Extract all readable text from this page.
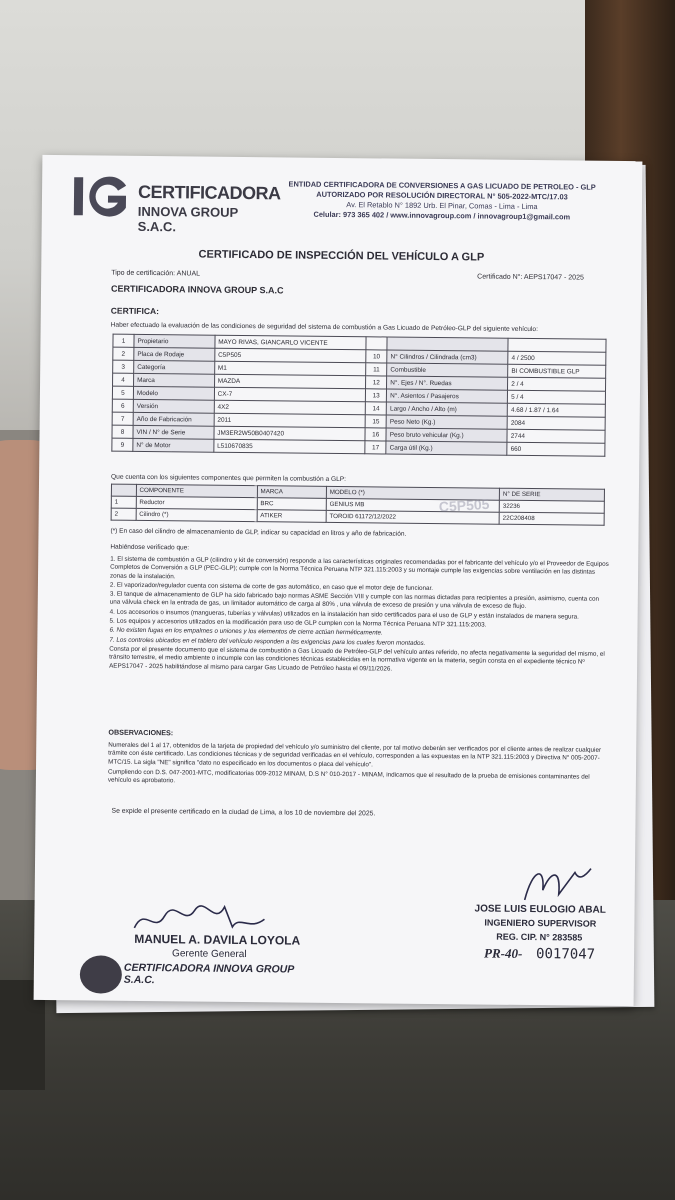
CERTIFICADORA
INNOVA GROUP S.A.C.
ENTIDAD CERTIFICADORA DE CONVERSIONES A GAS LICUADO DE PETROLEO - GLP
AUTORIZADO POR RESOLUCIÓN DIRECTORAL N° 505-2022-MTC/17.03
Av. El Retablo N° 1892 Urb. El Pinar, Comas - Lima - Lima
Celular: 973 365 402 / www.innovagroup.com / innovagroup1@gmail.com
CERTIFICADO DE INSPECCIÓN DEL VEHÍCULO A GLP
Tipo de certificación: ANUAL	Certificado N°: AEPS17047 - 2025
CERTIFICADORA INNOVA GROUP S.A.C
CERTIFICA:
Haber efectuado la evaluación de las condiciones de seguridad del sistema de combustión a Gas Licuado de Petróleo-GLP del siguiente vehículo:
1	Propietario	MAYO RIVAS, GIANCARLO VICENTE			
2	Placa de Rodaje	C5P505	10	N° Cilindros / Cilindrada (cm3)	4 / 2500
3	Categoría	M1	11	Combustible	BI COMBUSTIBLE GLP
4	Marca	MAZDA	12	N°. Ejes / N°. Ruedas	2 / 4
5	Modelo	CX-7	13	N°. Asientos / Pasajeros	5 / 4
6	Versión	4X2	14	Largo / Ancho / Alto (m)	4.68 / 1.87 / 1.64
7	Año de Fabricación	2011	15	Peso Neto (Kg.)	2084
8	VIN / N° de Serie	JM3ER2W50B0407420	16	Peso bruto vehicular (Kg.)	2744
9	N° de Motor	L510670835	17	Carga útil (Kg.)	660
Que cuenta con los siguientes componentes que permiten la combustión a GLP:
	COMPONENTE	MARCA	MODELO (*)	N° DE SERIE
1	Reductor	BRC	GENIUS MB	32236
2	Cilindro (*)	ATIKER	TOROID 61172/12/2022	22C208408
C5P505
(*) En caso del cilindro de almacenamiento de GLP, indicar su capacidad en litros y año de fabricación.
Habiéndose verificado que:
1. El sistema de combustión a GLP (cilindro y kit de conversión) responde a las características originales recomendadas por el fabricante del vehículo y/o el Proveedor de Equipos Completos de Conversión a GLP (PEC-GLP); cumple con la Norma Técnica Peruana NTP 321.115:2003 y su montaje cumple las exigencias sobre ventilación en las distintas zonas de la instalación.
2. El vaporizador/regulador cuenta con sistema de corte de gas automático, en caso que el motor deje de funcionar.
3. El tanque de almacenamiento de GLP ha sido fabricado bajo normas ASME Sección VIII y cumple con las normas dictadas para recipientes a presión, asimismo, cuenta con una válvula check en la entrada de gas, un limitador automático de carga al 80% , una válvula de exceso de presión y una válvula de exceso de flujo.
4. Los accesorios o insumos (mangueras, tuberías y válvulas) utilizados en la instalación han sido certificados para el uso de GLP y están instalados de manera segura.
5. Los equipos y accesorios utilizados en la modificación para uso de GLP cumplen con la Norma Técnica Peruana NTP 321.115:2003.
6. No existen fugas en los empalmes o uniones y los elementos de cierre actúan herméticamente.
7. Los controles ubicados en el tablero del vehículo responden a las exigencias para los cuales fueron montados.
Consta por el presente documento que el sistema de combustión a Gas Licuado de Petróleo-GLP del vehículo antes referido, no afecta negativamente la seguridad del mismo, el tránsito terrestre, el medio ambiente o incumple con las condiciones técnicas establecidas en la normativa vigente en la materia, según consta en el expediente técnico Nº AEPS17047 - 2025 habilitándose al mismo para cargar Gas Licuado de Petróleo hasta el 09/11/2026.
OBSERVACIONES:
Numerales del 1 al 17, obtenidos de la tarjeta de propiedad del vehículo y/o suministro del cliente, por tal motivo deberán ser verificados por el cliente antes de realizar cualquier trámite con éste certificado. Las condiciones técnicas y de seguridad verificadas en el vehículo, corresponden a las expuestas en la NTP 321.115:2003 y Directiva N° 005-2007-MTC/15. La sigla "NE" significa "dato no especificado en los documentos o placa del vehículo".
Cumpliendo con D.S. 047-2001-MTC, modificatorias 009-2012 MINAM, D.S N° 010-2017 - MINAM, indicamos que el resultado de la prueba de emisiones contaminantes del vehículo es aprobatorio.
Se expide el presente certificado en la ciudad de Lima, a los 10 de noviembre del 2025.
MANUEL A. DAVILA LOYOLA
Gerente General
CERTIFICADORA INNOVA GROUP S.A.C.
JOSE LUIS EULOGIO ABAL
INGENIERO SUPERVISOR
REG. CIP. N° 283585
PR-40- 0017047
